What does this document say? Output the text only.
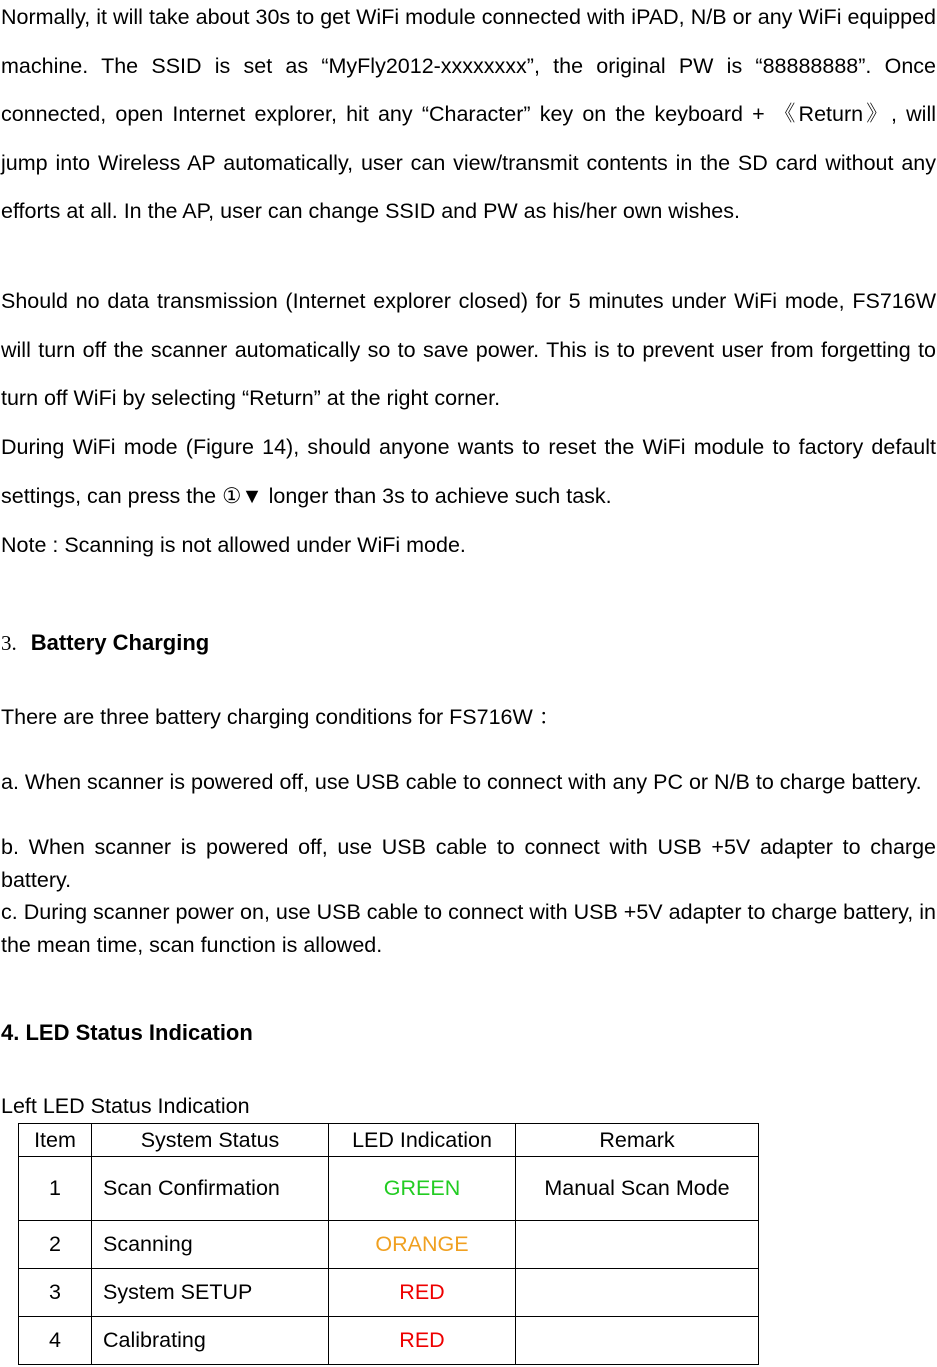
Normally, it will take about 30s to get WiFi module connected with iPAD, N/B or any WiFi equipped machine. The SSID is set as “MyFly2012-xxxxxxxx”, the original PW is “88888888”. Once connected, open Internet explorer, hit any “Character” key on the keyboard + 《Return》, will jump into Wireless AP automatically, user can view/transmit contents in the SD card without any efforts at all. In the AP, user can change SSID and PW as his/her own wishes.
Should no data transmission (Internet explorer closed) for 5 minutes under WiFi mode, FS716W will turn off the scanner automatically so to save power. This is to prevent user from forgetting to turn off WiFi by selecting “Return” at the right corner.
During WiFi mode (Figure 14), should anyone wants to reset the WiFi module to factory default settings, can press the ①▼ longer than 3s to achieve such task.
Note : Scanning is not allowed under WiFi mode.
3. Battery Charging
There are three battery charging conditions for FS716W ：
a. When scanner is powered off, use USB cable to connect with any PC or N/B to charge battery.
b. When scanner is powered off, use USB cable to connect with USB +5V adapter to charge battery.
c. During scanner power on, use USB cable to connect with USB +5V adapter to charge battery, in the mean time, scan function is allowed.
4. LED Status Indication
Left LED Status Indication
Item	System Status	LED Indication	Remark
1	Scan Confirmation	GREEN	Manual Scan Mode
2	Scanning	ORANGE	
3	System SETUP	RED	
4	Calibrating	RED	
